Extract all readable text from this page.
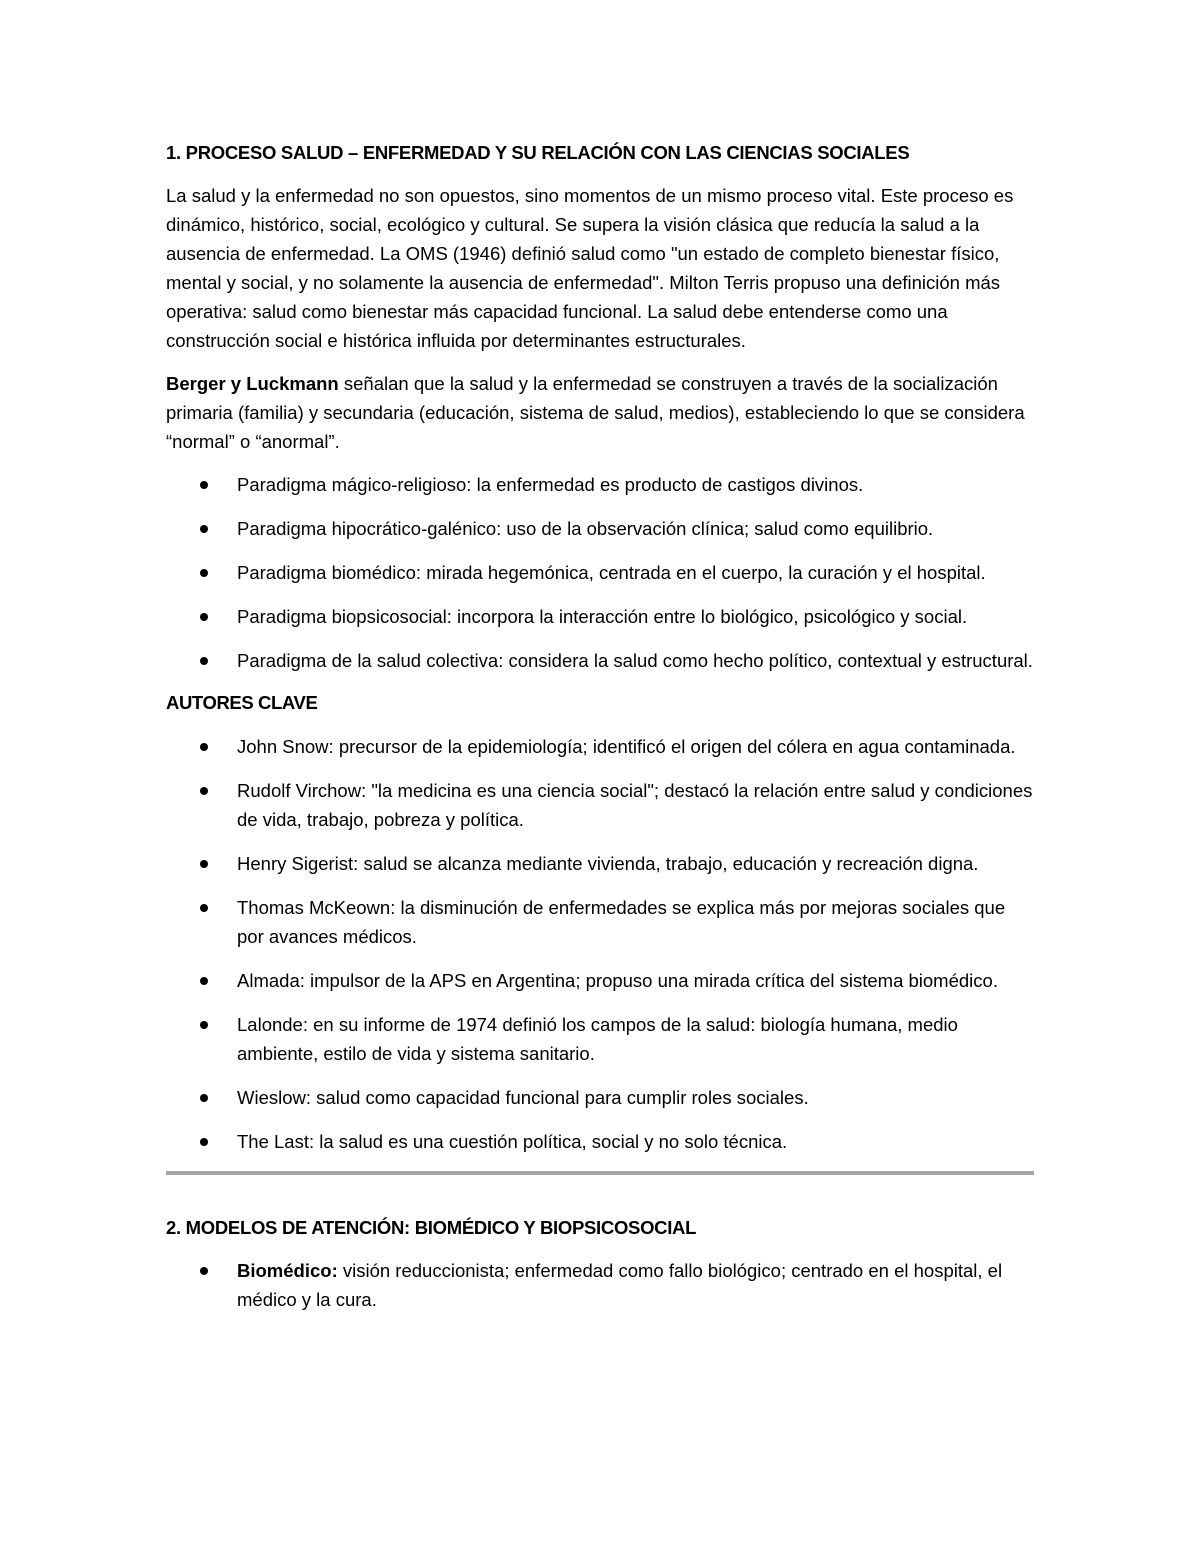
1. PROCESO SALUD – ENFERMEDAD Y SU RELACIÓN CON LAS CIENCIAS SOCIALES

La salud y la enfermedad no son opuestos, sino momentos de un mismo proceso vital. Este proceso es dinámico, histórico, social, ecológico y cultural. Se supera la visión clásica que reducía la salud a la ausencia de enfermedad. La OMS (1946) definió salud como "un estado de completo bienestar físico, mental y social, y no solamente la ausencia de enfermedad". Milton Terris propuso una definición más operativa: salud como bienestar más capacidad funcional. La salud debe entenderse como una construcción social e histórica influida por determinantes estructurales.

Berger y Luckmann señalan que la salud y la enfermedad se construyen a través de la socialización primaria (familia) y secundaria (educación, sistema de salud, medios), estableciendo lo que se considera “normal” o “anormal”.

Paradigma mágico-religioso: la enfermedad es producto de castigos divinos.
Paradigma hipocrático-galénico: uso de la observación clínica; salud como equilibrio.
Paradigma biomédico: mirada hegemónica, centrada en el cuerpo, la curación y el hospital.
Paradigma biopsicosocial: incorpora la interacción entre lo biológico, psicológico y social.
Paradigma de la salud colectiva: considera la salud como hecho político, contextual y estructural.
AUTORES CLAVE
John Snow: precursor de la epidemiología; identificó el origen del cólera en agua contaminada.
Rudolf Virchow: "la medicina es una ciencia social"; destacó la relación entre salud y condiciones de vida, trabajo, pobreza y política.
Henry Sigerist: salud se alcanza mediante vivienda, trabajo, educación y recreación digna.
Thomas McKeown: la disminución de enfermedades se explica más por mejoras sociales que por avances médicos.
Almada: impulsor de la APS en Argentina; propuso una mirada crítica del sistema biomédico.
Lalonde: en su informe de 1974 definió los campos de la salud: biología humana, medio ambiente, estilo de vida y sistema sanitario.
Wieslow: salud como capacidad funcional para cumplir roles sociales.
The Last: la salud es una cuestión política, social y no solo técnica.
2. MODELOS DE ATENCIÓN: BIOMÉDICO Y BIOPSICOSOCIAL
Biomédico: visión reduccionista; enfermedad como fallo biológico; centrado en el hospital, el médico y la cura.
